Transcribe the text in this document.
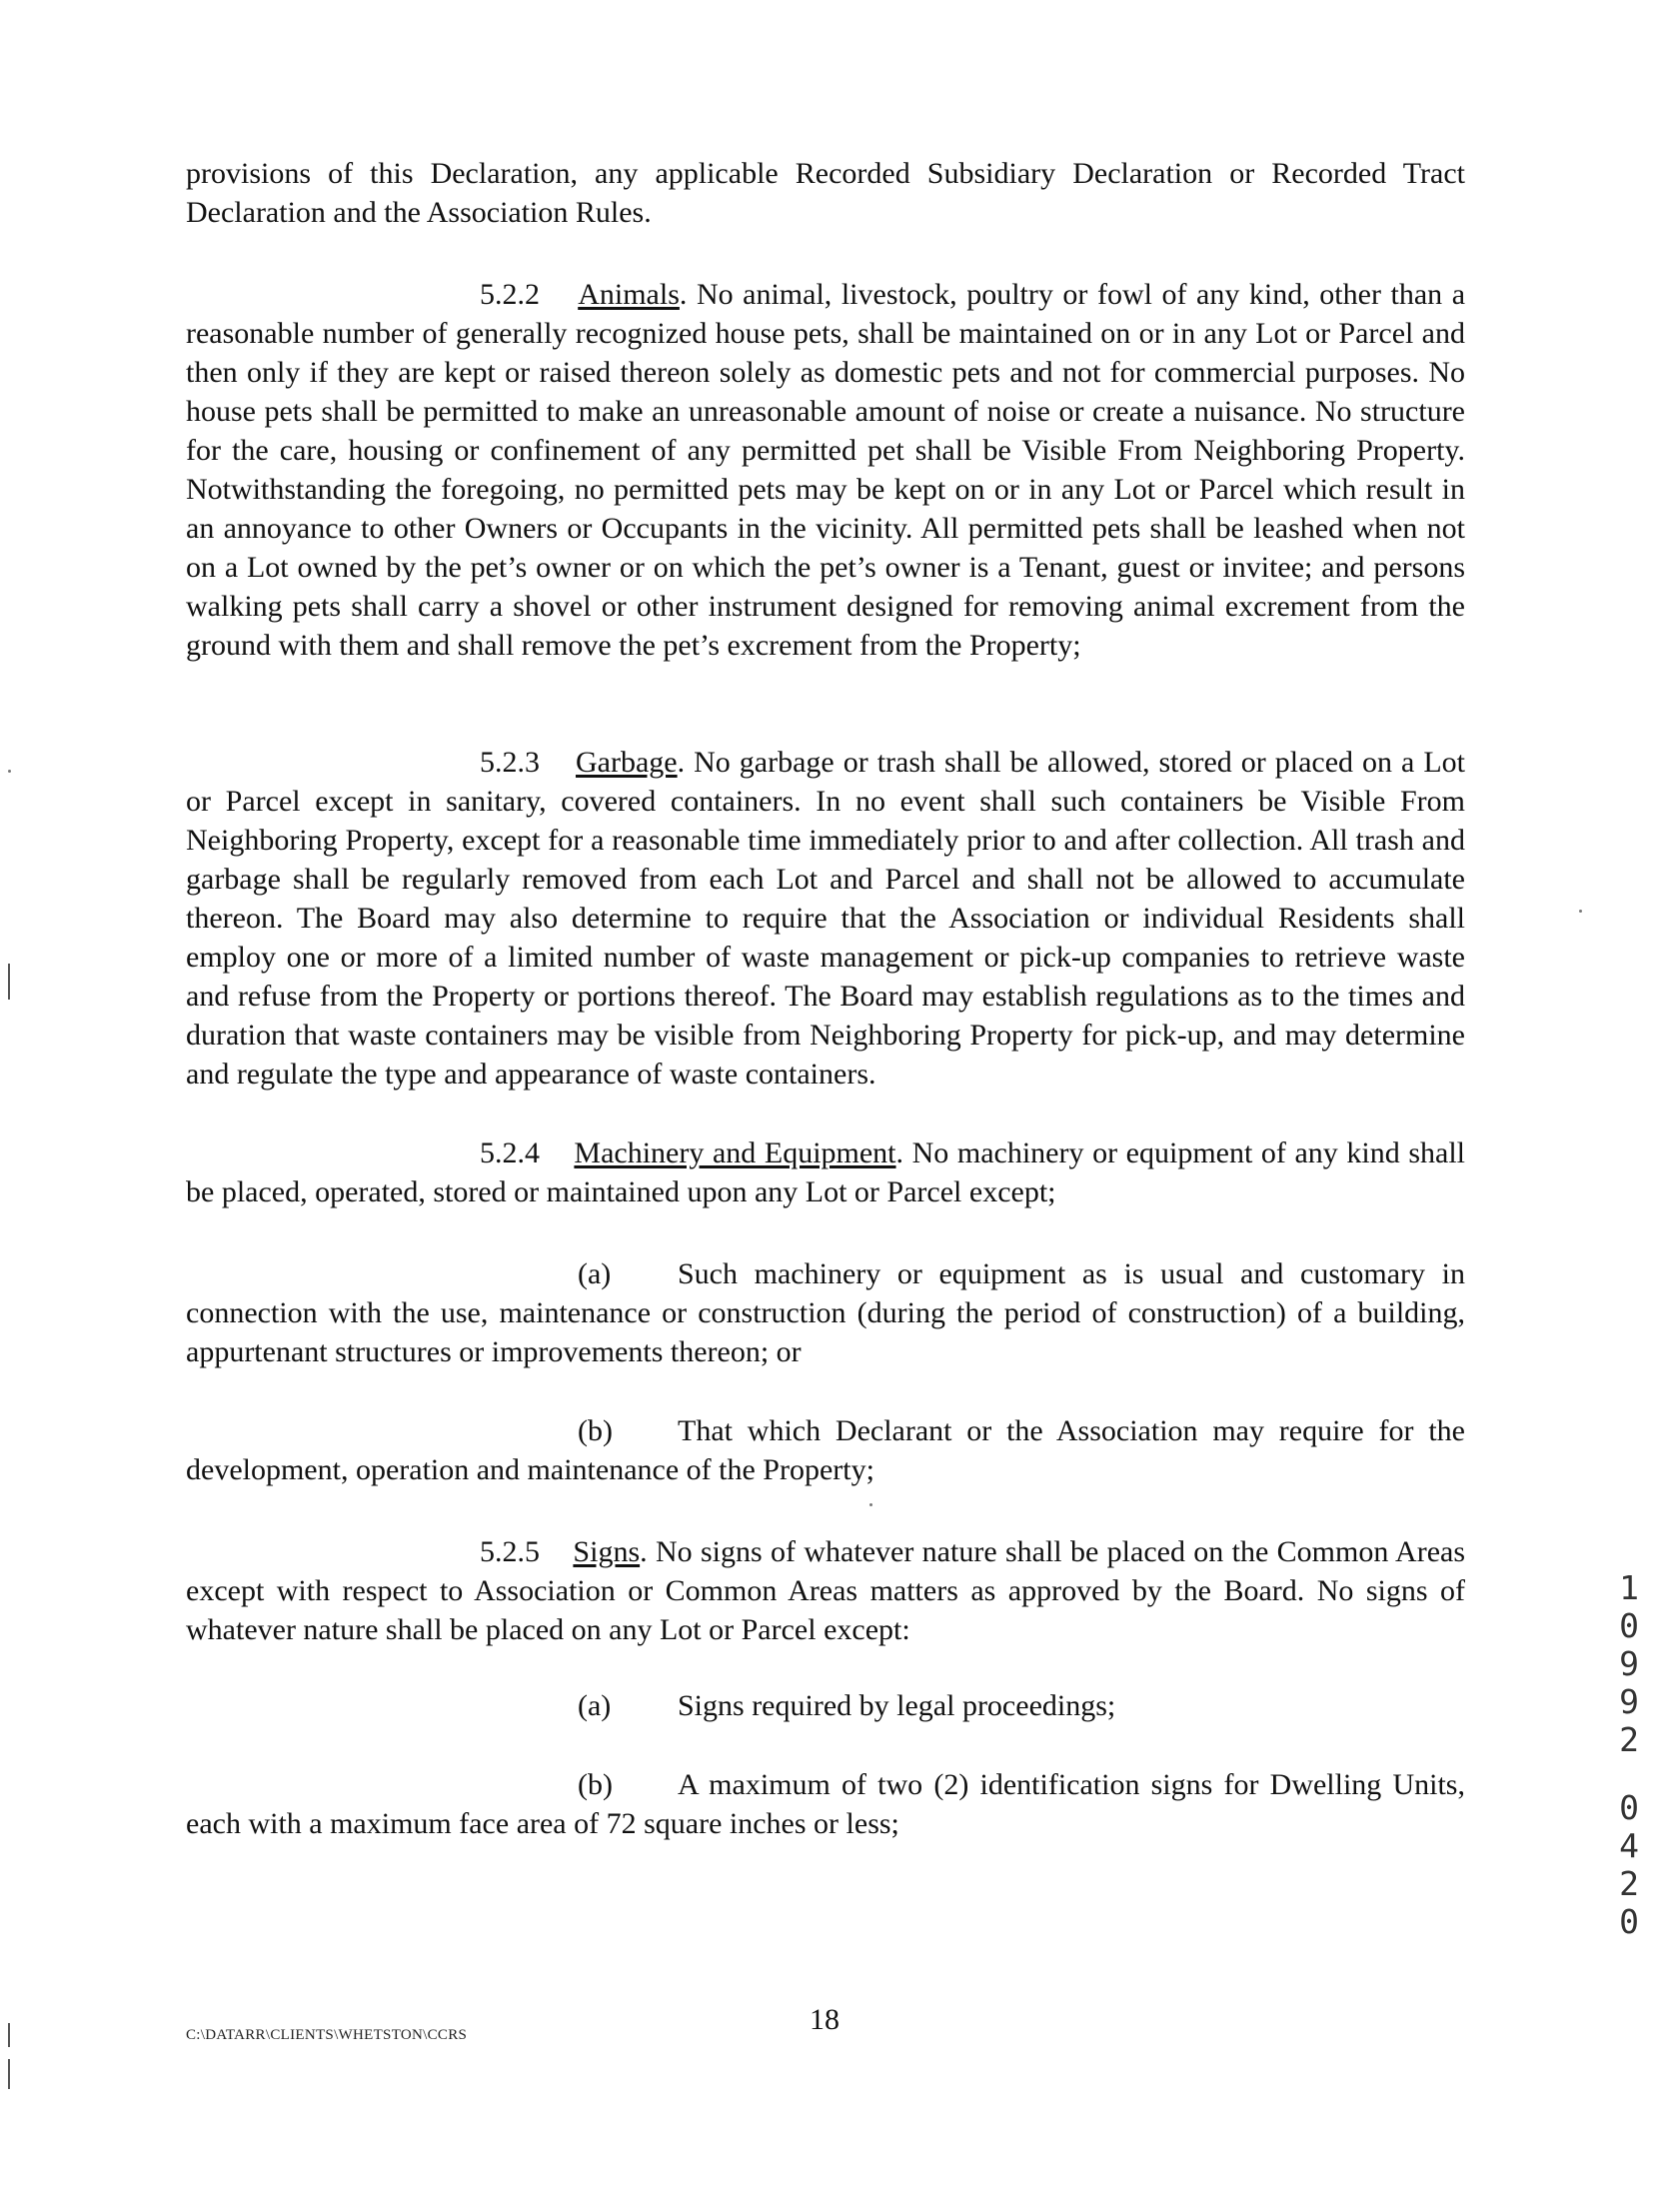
provisions of this Declaration, any applicable Recorded Subsidiary Declaration or Recorded Tract Declaration and the Association Rules.

5.2.2 Animals. No animal, livestock, poultry or fowl of any kind, other than a reasonable number of generally recognized house pets, shall be maintained on or in any Lot or Parcel and then only if they are kept or raised thereon solely as domestic pets and not for commercial purposes. No house pets shall be permitted to make an unreasonable amount of noise or create a nuisance. No structure for the care, housing or confinement of any permitted pet shall be Visible From Neighboring Property. Notwithstanding the foregoing, no permitted pets may be kept on or in any Lot or Parcel which result in an annoyance to other Owners or Occupants in the vicinity. All permitted pets shall be leashed when not on a Lot owned by the pet’s owner or on which the pet’s owner is a Tenant, guest or invitee; and persons walking pets shall carry a shovel or other instrument designed for removing animal excrement from the ground with them and shall remove the pet’s excrement from the Property;

5.2.3 Garbage. No garbage or trash shall be allowed, stored or placed on a Lot or Parcel except in sanitary, covered containers. In no event shall such containers be Visible From Neighboring Property, except for a reasonable time immediately prior to and after collection. All trash and garbage shall be regularly removed from each Lot and Parcel and shall not be allowed to accumulate thereon. The Board may also determine to require that the Association or individual Residents shall employ one or more of a limited number of waste management or pick-up companies to retrieve waste and refuse from the Property or portions thereof. The Board may establish regulations as to the times and duration that waste containers may be visible from Neighboring Property for pick-up, and may determine and regulate the type and appearance of waste containers.

5.2.4 Machinery and Equipment. No machinery or equipment of any kind shall be placed, operated, stored or maintained upon any Lot or Parcel except;

(a) Such machinery or equipment as is usual and customary in connection with the use, maintenance or construction (during the period of construction) of a building, appurtenant structures or improvements thereon; or

(b) That which Declarant or the Association may require for the development, operation and maintenance of the Property;

5.2.5 Signs. No signs of whatever nature shall be placed on the Common Areas except with respect to Association or Common Areas matters as approved by the Board. No signs of whatever nature shall be placed on any Lot or Parcel except:

(a) Signs required by legal proceedings;

(b) A maximum of two (2) identification signs for Dwelling Units, each with a maximum face area of 72 square inches or less;

C:\DATARR\CLIENTS\WHETSTON\CCRS	18
1
0
9
9
2
0
4
2
0
